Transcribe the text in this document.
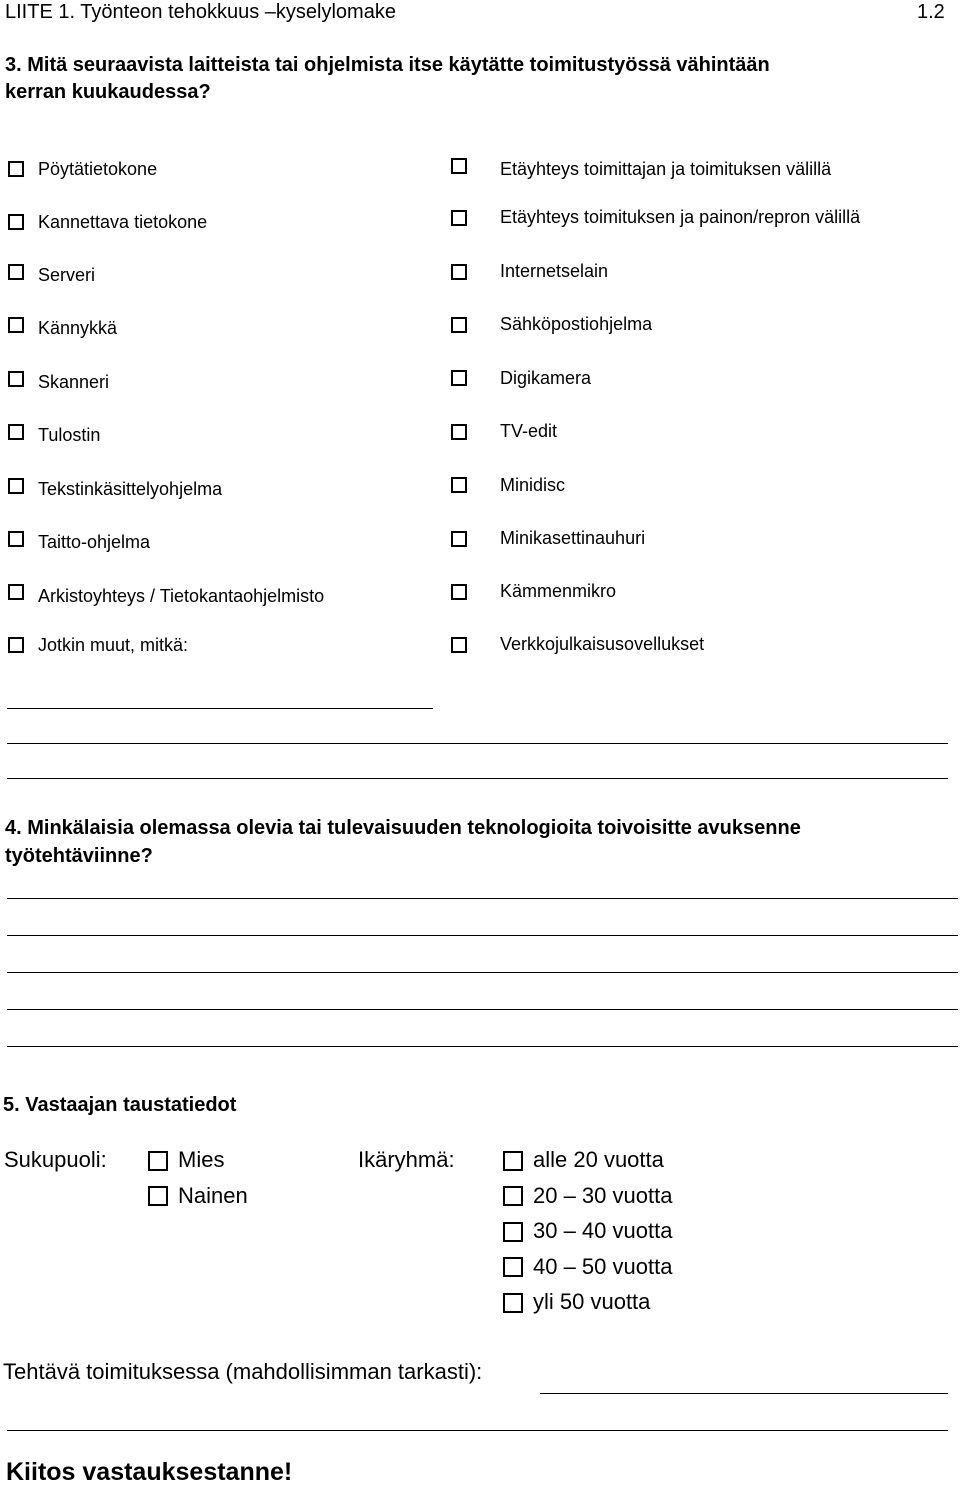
LIITE 1. Työnteon tehokkuus –kyselylomake	1.2
3. Mitä seuraavista laitteista tai ohjelmista itse käytätte toimitustyössä vähintään
kerran kuukaudessa?
Pöytätietokone
Kannettava tietokone
Serveri
Kännykkä
Skanneri
Tulostin
Tekstinkäsittelyohjelma
Taitto-ohjelma
Arkistoyhteys / Tietokantaohjelmisto
Jotkin muut, mitkä:
Etäyhteys toimittajan ja toimituksen välillä
Etäyhteys toimituksen ja painon/repron välillä
Internetselain
Sähköpostiohjelma
Digikamera
TV-edit
Minidisc
Minikasettinauhuri
Kämmenmikro
Verkkojulkaisusovellukset
4. Minkälaisia olemassa olevia tai tulevaisuuden teknologioita toivoisitte avuksenne
työtehtäviinne?
5. Vastaajan taustatiedot
Sukupuoli:	Mies
Nainen
Ikäryhmä:	alle 20 vuotta
20 – 30 vuotta
30 – 40 vuotta
40 – 50 vuotta
yli 50 vuotta
Tehtävä toimituksessa (mahdollisimman tarkasti):
Kiitos vastauksestanne!
